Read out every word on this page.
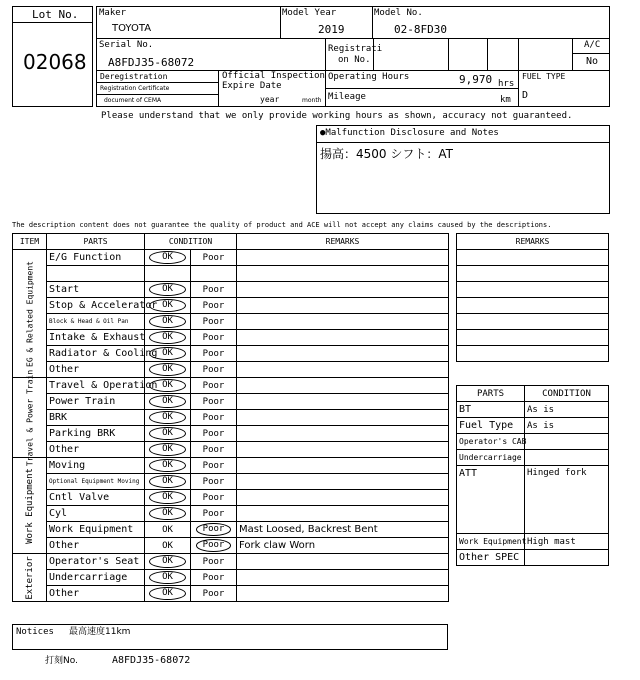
Lot No.
02068
Maker
TOYOTA
Model Year
2019
Model No.
02-8FD30
Serial No.
A8FDJ35-68072
Registrati
on No.
A/C
No
Deregistration
Registration Certificate
document of CEMA
Official Inspection
Expire Date
year	month
Operating Hours	9,970 hrs
Mileage	km
FUEL TYPE
D
Please understand that we only provide working hours as shown, accuracy not guaranteed.
●Malfunction Disclosure and Notes
揚高：4500 シフト：AT
The description content does not guarantee the quality of product and ACE will not accept any claims caused by the descriptions.
ITEM	PARTS	CONDITION		REMARKS

EG & Related Equipment	E/G Function	OK	Poor	

	Start	OK	Poor	
	Stop & Accelerator	OK	Poor	
	Block & Head & Oil Pan	OK	Poor	
	Intake & Exhaust	OK	Poor	
	Radiator & Cooling	OK	Poor	
	Other	OK	Poor	

Travel & Power Train	Travel & Operation	OK	Poor	
	Power Train	OK	Poor	
	BRK	OK	Poor	
	Parking BRK	OK	Poor	
	Other	OK	Poor	

Work Equipment	Moving	OK	Poor	
	Optional Equipment Moving	OK	Poor	
	Cntl Valve	OK	Poor	
	Cyl	OK	Poor	
	Work Equipment	OK	Poor	Mast Loosed, Backrest Bent
	Other	OK	Poor	Fork claw Worn

Exterior	Operator's Seat	OK	Poor	
	Undercarriage	OK	Poor	
	Other	OK	Poor	
REMARKS

PARTS	CONDITION
BT	As is
Fuel Type	As is
Operator's CAB	
Undercarriage	
ATT	Hinged fork
Work Equipment	High mast
Other SPEC	
Notices 最高速度11km
打刻No.	A8FDJ35-68072
